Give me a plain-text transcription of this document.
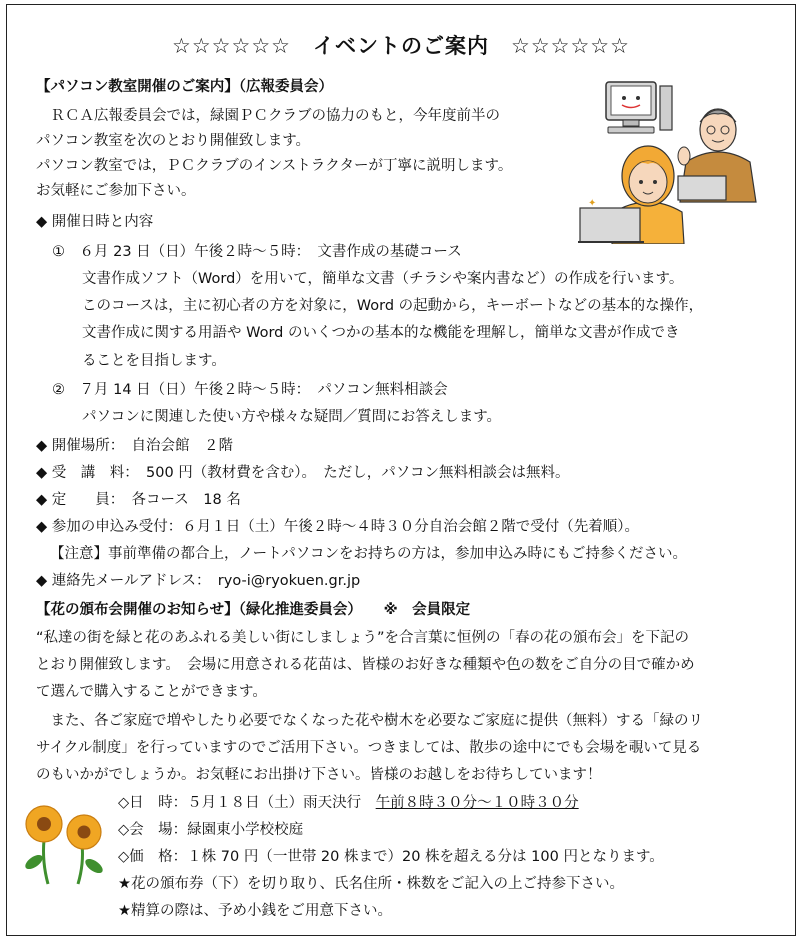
☆☆☆☆☆☆　イベントのご案内　☆☆☆☆☆☆
【パソコン教室開催のご案内】（広報委員会）
　ＲＣＡ広報委員会では，緑園ＰＣクラブの協力のもと，今年度前半の
パソコン教室を次のとおり開催致します。
パソコン教室では，ＰＣクラブのインストラクターが丁寧に説明します。
お気軽にご参加下さい。
◆ 開催日時と内容
①　６月 23 日（日）午後２時～５時：　文書作成の基礎コース
文書作成ソフト（Word）を用いて，簡単な文書（チラシや案内書など）の作成を行います。
このコースは，主に初心者の方を対象に，Word の起動から，キーボートなどの基本的な操作，
文書作成に関する用語や Word のいくつかの基本的な機能を理解し，簡単な文書が作成でき
ることを目指します。
②　７月 14 日（日）午後２時～５時：　パソコン無料相談会
パソコンに関連した使い方や様々な疑問／質問にお答えします。
◆ 開催場所：　自治会館　２階
◆ 受　講　料：　500 円（教材費を含む）。　ただし，パソコン無料相談会は無料。
◆ 定　　員：　各コース　18 名
◆ 参加の申込み受付：６月１日（土）午後２時～４時３０分自治会館２階で受付（先着順）。
【注意】事前準備の都合上，ノートパソコンをお持ちの方は，参加申込み時にもご持参ください。
◆ 連絡先メールアドレス：　ryo-i@ryokuen.gr.jp
【花の頒布会開催のお知らせ】（緑化推進委員会）　　※　会員限定
“私達の街を緑と花のあふれる美しい街にしましょう”を合言葉に恒例の「春の花の頒布会」を下記の
とおり開催致します。　会場に用意される花苗は、皆様のお好きな種類や色の数をご自分の目で確かめ
て選んで購入することができます。
　また、各ご家庭で増やしたり必要でなくなった花や樹木を必要なご家庭に提供（無料）する「緑のリ
サイクル制度」を行っていますのでご活用下さい。つきましては、散歩の途中にでも会場を覗いて見る
のもいかがでしょうか。お気軽にお出掛け下さい。皆様のお越しをお待ちしています！
◇日　時：５月１８日（土）雨天決行　午前８時３０分～１０時３０分
◇会　場：緑園東小学校校庭
◇価　格：１株 70 円（一世帯 20 株まで）20 株を超える分は 100 円となります。
★花の頒布券（下）を切り取り、氏名住所・株数をご記入の上ご持参下さい。
★精算の際は、予め小銭をご用意下さい。
✦
